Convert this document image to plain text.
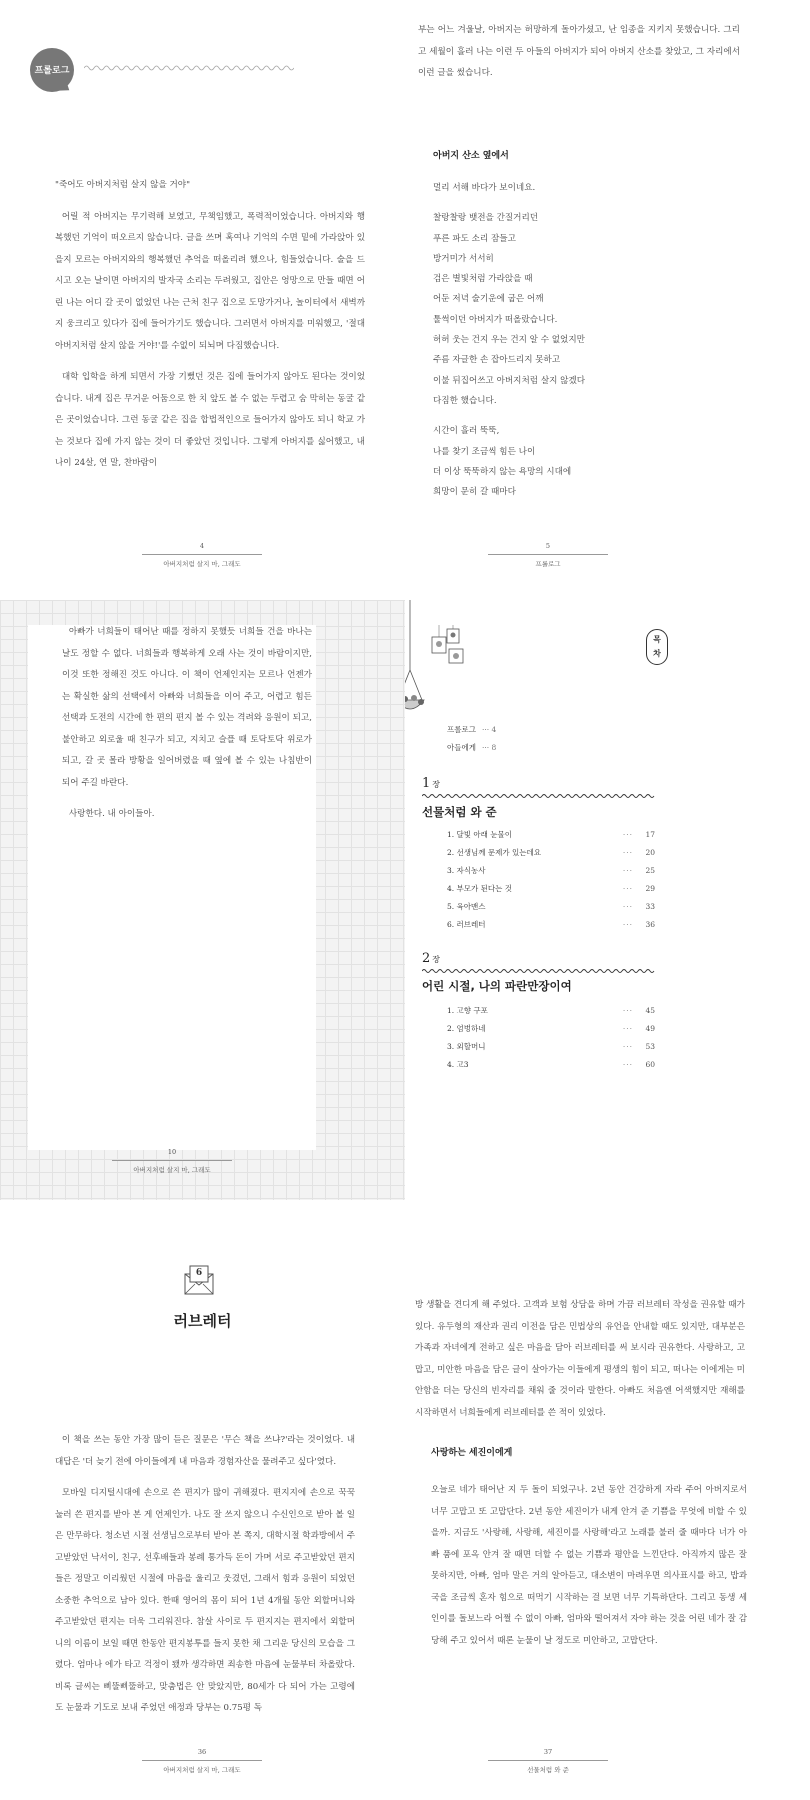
프롤로그

"죽어도 아버지처럼 살지 않을 거야"

어릴 적 아버지는 무기력해 보였고, 무책임했고, 폭력적이었습니다. 아버지와 행복했던 기억이 떠오르지 않습니다. 글을 쓰며 혹여나 기억의 수면 밑에 가라앉아 있을지 모르는 아버지와의 행복했던 추억을 떠올리려 했으나, 힘들었습니다. 술을 드시고 오는 날이면 아버지의 발자국 소리는 두려웠고, 집안은 엉망으로 만들 때면 어린 나는 어디 갈 곳이 없었던 나는 근처 친구 집으로 도망가거나, 놀이터에서 새벽까지 웅크리고 있다가 집에 들어가기도 했습니다. 그러면서 아버지를 미워했고, '절대 아버지처럼 살지 않을 거야!'를 수없이 되뇌며 다짐했습니다.

대학 입학을 하게 되면서 가장 기뻤던 것은 집에 들어가지 않아도 된다는 것이었습니다. 내게 집은 무거운 어둠으로 한 치 앞도 볼 수 없는 두렵고 숨 막히는 동굴 같은 곳이었습니다. 그런 동굴 같은 집을 합법적인으로 들어가지 않아도 되니 학교 가는 것보다 집에 가지 않는 것이 더 좋았던 것입니다. 그렇게 아버지를 싫어했고, 내 나이 24살, 연 말, 찬바람이

4
아버지처럼 살지 마, 그래도

부는 어느 겨울날, 아버지는 허망하게 돌아가셨고, 난 임종을 지키지 못했습니다. 그리고 세월이 흘러 나는 이런 두 아들의 아버지가 되어 아버지 산소를 찾았고, 그 자리에서 이런 글을 썼습니다.

아버지 산소 옆에서
멀리 서해 바다가 보이네요.
찰랑찰랑 뱃전을 간질거리던
푸른 파도 소리 잠들고
방거미가 서서히
검은 별빛처럼 가라앉을 때
어둔 저녁 술기운에 굽은 어깨
툴썩이던 아버지가 떠올랐습니다.
허허 웃는 건지 우는 건지 알 수 없었지만
주름 자글한 손 잡아드리지 못하고
이불 뒤집어쓰고 아버지처럼 살지 않겠다
다짐한 했습니다.
시간이 흘러 뚝뚝,
나를 찾기 조금씩 힘든 나이
더 이상 뚝뚝하지 않는 욕망의 시대에
희망이 문히 갈 때마다
5
프롤로그

아빠가 너희들이 태어난 때를 정하지 못했듯 너희들 건을 바나는 날도 정할 수 없다. 너희들과 행복하게 오래 사는 것이 바람이지만, 이것 또한 정해진 것도 아니다. 이 책이 언제인지는 모르나 언젠가는 확실한 삶의 선택에서 아빠와 너희들을 이어 주고, 어렵고 힘든 선택과 도전의 시간에 한 편의 편지 볼 수 있는 격려와 응원이 되고, 불안하고 외로울 때 친구가 되고, 지치고 슬플 때 토닥토닥 위로가 되고, 갈 곳 몰라 방황을 일어버렸을 때 옆에 볼 수 있는 나침반이 되어 주길 바란다.

사랑한다. 내 아이들아.

10
아버지처럼 살지 마, 그래도
목
차
프롤로그 ··· 4
아들에게 ··· 8
1 장
선물처럼 와 준
1. 달빛 아래 눈물이	··· 17
2. 선생님께 문제가 있는데요	··· 20
3. 자식농사	··· 25
4. 부모가 된다는 것	··· 29
5. 육아맨스	··· 33
6. 러브레터	··· 36
2 장
어린 시절, 나의 파란만장이여
1. 고향 구포	··· 45
2. 엄벙하네	··· 49
3. 외할머니	··· 53
4. 고3	··· 60
6
러브레터

이 책을 쓰는 동안 가장 많이 듣은 질문은 '무슨 책을 쓰냐?'라는 것이었다. 내 대답은 '더 늦기 전에 아이들에게 내 마음과 경험자산을 물려주고 싶다'였다.

모바일 디지털시대에 손으로 쓴 편지가 많이 귀해졌다. 편지지에 손으로 꾹꾹 눌러 쓴 편지를 받아 본 게 언제인가. 나도 잘 쓰지 않으니 수신인으로 받아 볼 일은 만무하다. 청소년 시절 선생님으로부터 받아 본 쪽지, 대학시절 학과방에서 주고받았던 낙서이, 친구, 선후배들과 봉례 통가득 돈이 가며 서로 주고받았던 편지들은 정말고 이리웠던 시절에 마음을 울리고 웃겼던, 그래서 힘과 응원이 되었던 소중한 추억으로 남아 있다. 한때 영어의 몸이 되어 1년 4개월 동안 외할머니와 주고받았던 편지는 더욱 그리워진다. 참살 사이로 두 편지지는 편지에서 외할머니의 이름이 보일 때면 한동안 편지봉투를 들지 못한 채 그리운 당신의 모습을 그렸다. 엄마나 에가 타고 걱정이 됐까 생각하면 죄송한 마음에 눈물부터 차올랐다. 비록 글씨는 삐뚤삐뚤하고, 맞춤법은 안 맞았지만, 80세가 다 되어 가는 고령에도 눈물과 기도로 보내 주었던 애정과 당부는 0.75평 독

36
아버지처럼 살지 마, 그래도

방 생활을 견디게 해 주었다. 고객과 보험 상담을 하며 가끔 러브레터 작성을 권유할 때가 있다. 유두형의 재산과 권리 이전을 담은 민법상의 유언을 안내할 때도 있지만, 대부분은 가족과 자녀에게 전하고 싶은 마음을 담아 러브레터를 써 보시라 권유한다. 사랑하고, 고맙고, 미안한 마음을 담은 글이 살아가는 이들에게 평생의 힘이 되고, 떠나는 이에게는 미안함을 더는 당신의 빈자리를 채워 줄 것이라 말한다. 아빠도 처음엔 어색했지만 재해를 시작하면서 너희들에게 러브레터를 쓴 적이 있었다.

사랑하는 세진이에게

오늘로 네가 태어난 지 두 돌이 되었구나. 2년 동안 건강하게 자라 주어 아버지로서 너무 고맙고 또 고맙단다. 2년 동안 세진이가 내게 안겨 준 기쁨을 무엇에 비할 수 있을까. 지금도 '사랑해, 사랑해, 세진이를 사랑해'라고 노래를 불러 줄 때마다 너가 아빠 품에 포옥 안겨 잘 때면 더할 수 없는 기쁨과 평안을 느낀단다. 아직까지 많은 잘 못하지만, 아빠, 엄마 말은 거의 알아듣고, 대소변이 마려우면 의사표시를 하고, 밥과 국을 조금씩 혼자 힘으로 떠먹기 시작하는 걸 보면 너무 기특하단다. 그리고 동생 세인이를 돌보느라 어쩔 수 없이 아빠, 엄마와 떨어져서 자야 하는 것을 어린 네가 잘 감당해 주고 있어서 때론 눈물이 날 정도로 미안하고, 고맙단다.

37
선물처럼 와 준
